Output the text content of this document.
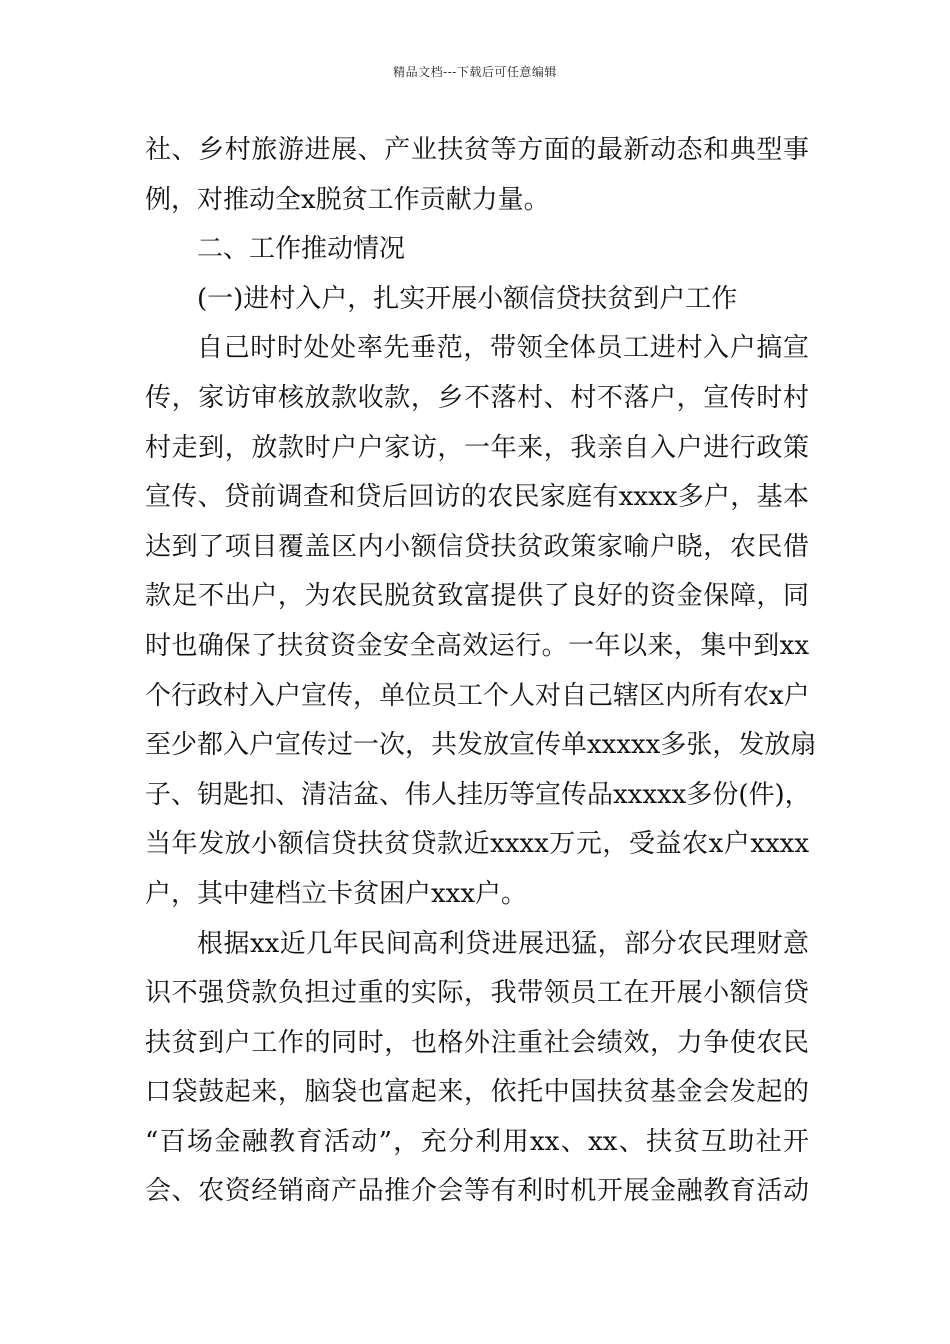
精品文档---下载后可任意编辑
社、乡村旅游进展、产业扶贫等方面的最新动态和典型事
例，对推动全x脱贫工作贡献力量。
二、工作推动情况
(一)进村入户，扎实开展小额信贷扶贫到户工作
自己时时处处率先垂范，带领全体员工进村入户搞宣
传，家访审核放款收款，乡不落村、村不落户，宣传时村
村走到，放款时户户家访，一年来，我亲自入户进行政策
宣传、贷前调查和贷后回访的农民家庭有xxxx多户，基本
达到了项目覆盖区内小额信贷扶贫政策家喻户晓，农民借
款足不出户，为农民脱贫致富提供了良好的资金保障，同
时也确保了扶贫资金安全高效运行。一年以来，集中到xx
个行政村入户宣传，单位员工个人对自己辖区内所有农x户
至少都入户宣传过一次，共发放宣传单xxxxx多张，发放扇
子、钥匙扣、清洁盆、伟人挂历等宣传品xxxxx多份(件)，
当年发放小额信贷扶贫贷款近xxxx万元，受益农x户xxxx
户，其中建档立卡贫困户xxx户。
根据xx近几年民间高利贷进展迅猛，部分农民理财意
识不强贷款负担过重的实际，我带领员工在开展小额信贷
扶贫到户工作的同时，也格外注重社会绩效，力争使农民
口袋鼓起来，脑袋也富起来，依托中国扶贫基金会发起的
“百场金融教育活动”，充分利用xx、xx、扶贫互助社开
会、农资经销商产品推介会等有利时机开展金融教育活动
